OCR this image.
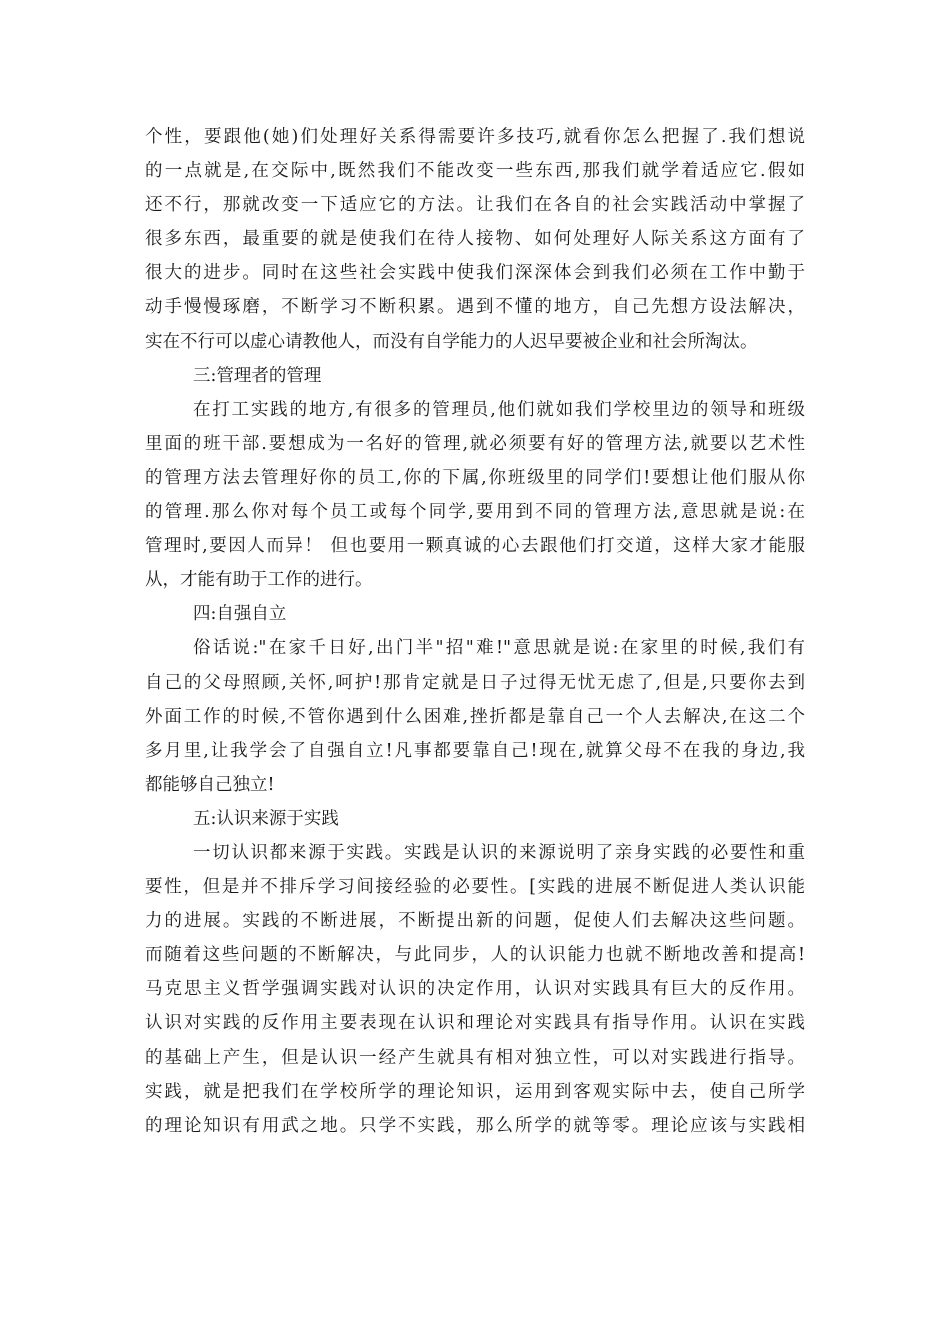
个性，要跟他(她)们处理好关系得需要许多技巧,就看你怎么把握了.我们想说
的一点就是,在交际中,既然我们不能改变一些东西,那我们就学着适应它.假如
还不行，那就改变一下适应它的方法。让我们在各自的社会实践活动中掌握了
很多东西，最重要的就是使我们在待人接物、如何处理好人际关系这方面有了
很大的进步。同时在这些社会实践中使我们深深体会到我们必须在工作中勤于
动手慢慢琢磨，不断学习不断积累。遇到不懂的地方，自己先想方设法解决，
实在不行可以虚心请教他人，而没有自学能力的人迟早要被企业和社会所淘汰。
三:管理者的管理
在打工实践的地方,有很多的管理员,他们就如我们学校里边的领导和班级
里面的班干部.要想成为一名好的管理,就必须要有好的管理方法,就要以艺术性
的管理方法去管理好你的员工,你的下属,你班级里的同学们!要想让他们服从你
的管理.那么你对每个员工或每个同学,要用到不同的管理方法,意思就是说:在
管理时,要因人而异！ 但也要用一颗真诚的心去跟他们打交道，这样大家才能服
从，才能有助于工作的进行。
四:自强自立
俗话说:"在家千日好,出门半"招"难!"意思就是说:在家里的时候,我们有
自己的父母照顾,关怀,呵护!那肯定就是日子过得无忧无虑了,但是,只要你去到
外面工作的时候,不管你遇到什么困难,挫折都是靠自己一个人去解决,在这二个
多月里,让我学会了自强自立!凡事都要靠自己!现在,就算父母不在我的身边,我
都能够自己独立!
五:认识来源于实践
一切认识都来源于实践。实践是认识的来源说明了亲身实践的必要性和重
要性，但是并不排斥学习间接经验的必要性。[实践的进展不断促进人类认识能
力的进展。实践的不断进展，不断提出新的问题，促使人们去解决这些问题。
而随着这些问题的不断解决，与此同步，人的认识能力也就不断地改善和提高!
马克思主义哲学强调实践对认识的决定作用，认识对实践具有巨大的反作用。
认识对实践的反作用主要表现在认识和理论对实践具有指导作用。认识在实践
的基础上产生，但是认识一经产生就具有相对独立性，可以对实践进行指导。
实践，就是把我们在学校所学的理论知识，运用到客观实际中去，使自己所学
的理论知识有用武之地。只学不实践，那么所学的就等零。理论应该与实践相
